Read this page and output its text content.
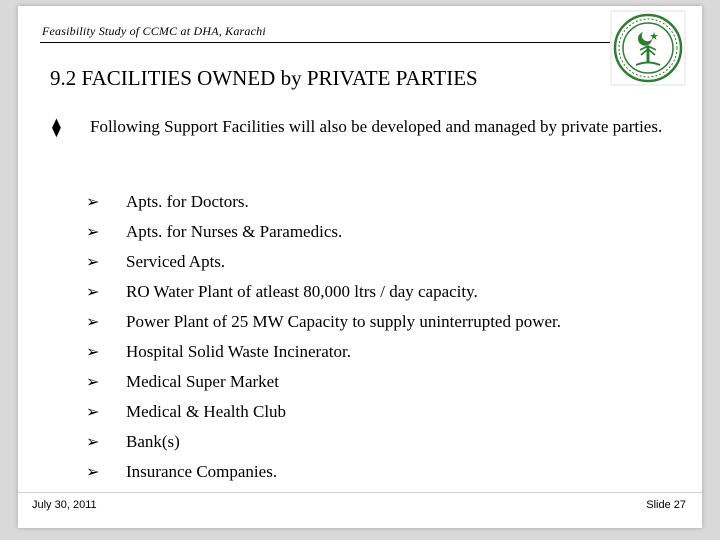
Feasibility Study of CCMC at DHA, Karachi
9.2 FACILITIES OWNED by PRIVATE PARTIES
⧫ Following Support Facilities will also be developed and managed by private parties.
➢ Apts. for Doctors.
➢ Apts. for Nurses & Paramedics.
➢ Serviced Apts.
➢ RO Water Plant of atleast 80,000 ltrs / day capacity.
➢ Power Plant of 25 MW Capacity to supply uninterrupted power.
➢ Hospital Solid Waste Incinerator.
➢ Medical Super Market
➢ Medical & Health Club
➢ Bank(s)
➢ Insurance Companies.
July 30, 2011	Slide 27
